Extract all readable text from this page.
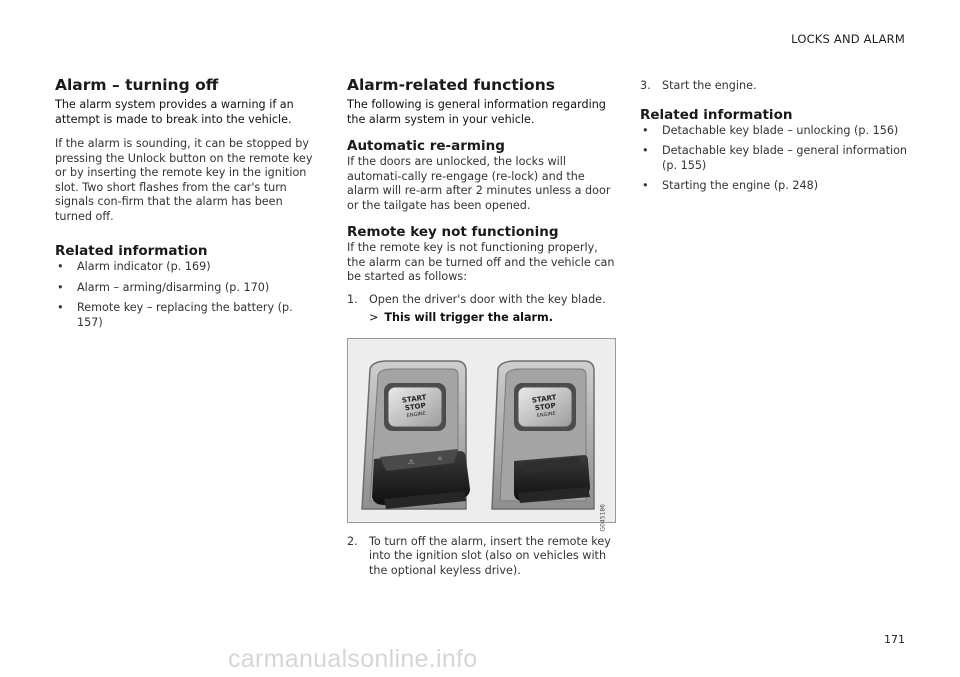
LOCKS AND ALARM
Alarm – turning off

The alarm system provides a warning if an attempt is made to break into the vehicle.

If the alarm is sounding, it can be stopped by pressing the Unlock button on the remote key or by inserting the remote key in the ignition slot. Two short flashes from the car's turn signals con-firm that the alarm has been turned off.

Related information
• Alarm indicator (p. 169)
• Alarm – arming/disarming (p. 170)
• Remote key – replacing the battery (p. 157)
Alarm-related functions

The following is general information regarding the alarm system in your vehicle.

Automatic re-arming

If the doors are unlocked, the locks will automati-cally re-engage (re-lock) and the alarm will re-arm after 2 minutes unless a door or the tailgate has been opened.

Remote key not functioning

If the remote key is not functioning properly, the alarm can be turned off and the vehicle can be started as follows:

1. Open the driver's door with the key blade.
> This will trigger the alarm.
START
STOP
ENGINE
⚠	⌂
START
STOP
ENGINE
G045186
2. To turn off the alarm, insert the remote key into the ignition slot (also on vehicles with the optional keyless drive).
3. Start the engine.
Related information
• Detachable key blade – unlocking (p. 156)
• Detachable key blade – general information (p. 155)
• Starting the engine (p. 248)
171
carmanualsonline.info
